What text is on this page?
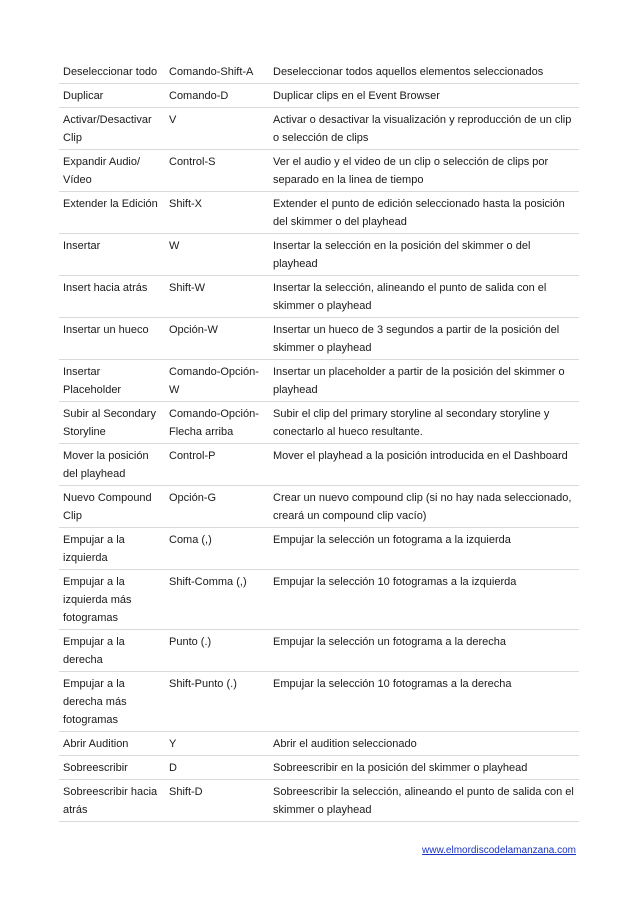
Deseleccionar todo	Comando-Shift-A	Deseleccionar todos aquellos elementos seleccionados
Duplicar	Comando-D	Duplicar clips en el Event Browser
Activar/Desactivar Clip	V	Activar o desactivar la visualización y reproducción de un clip o selección de clips
Expandir Audio/ Vídeo	Control-S	Ver el audio y el video de un clip o selección de clips por separado en la linea de tiempo
Extender la Edición	Shift-X	Extender el punto de edición seleccionado hasta la posición del skimmer o del playhead
Insertar	W	Insertar la selección en la posición del skimmer o del playhead
Insert hacia atrás	Shift-W	Insertar la selección, alineando el punto de salida con el skimmer o playhead
Insertar un hueco	Opción-W	Insertar un hueco de 3 segundos a partir de la posición del skimmer o playhead
Insertar Placeholder	Comando-Opción-W	Insertar un placeholder a partir de la posición del skimmer o playhead
Subir al Secondary Storyline	Comando-Opción-Flecha arriba	Subir el clip del primary storyline al secondary storyline y conectarlo al hueco resultante.
Mover la posición del playhead	Control-P	Mover el playhead a la posición introducida en el Dashboard
Nuevo Compound Clip	Opción-G	Crear un nuevo compound clip (si no hay nada seleccionado, creará un compound clip vacío)
Empujar a la izquierda	Coma (,)	Empujar la selección un fotograma a la izquierda
Empujar a la izquierda más fotogramas	Shift-Comma (,)	Empujar la selección 10 fotogramas a la izquierda
Empujar a la derecha	Punto (.)	Empujar la selección un fotograma a la derecha
Empujar a la derecha más fotogramas	Shift-Punto (.)	Empujar la selección 10 fotogramas a la derecha
Abrir Audition	Y	Abrir el audition seleccionado
Sobreescribir	D	Sobreescribir en la posición del skimmer o playhead
Sobreescribir hacia atrás	Shift-D	Sobreescribir la selección, alineando el punto de salida con el skimmer o playhead
www.elmordiscodelamanzana.com
